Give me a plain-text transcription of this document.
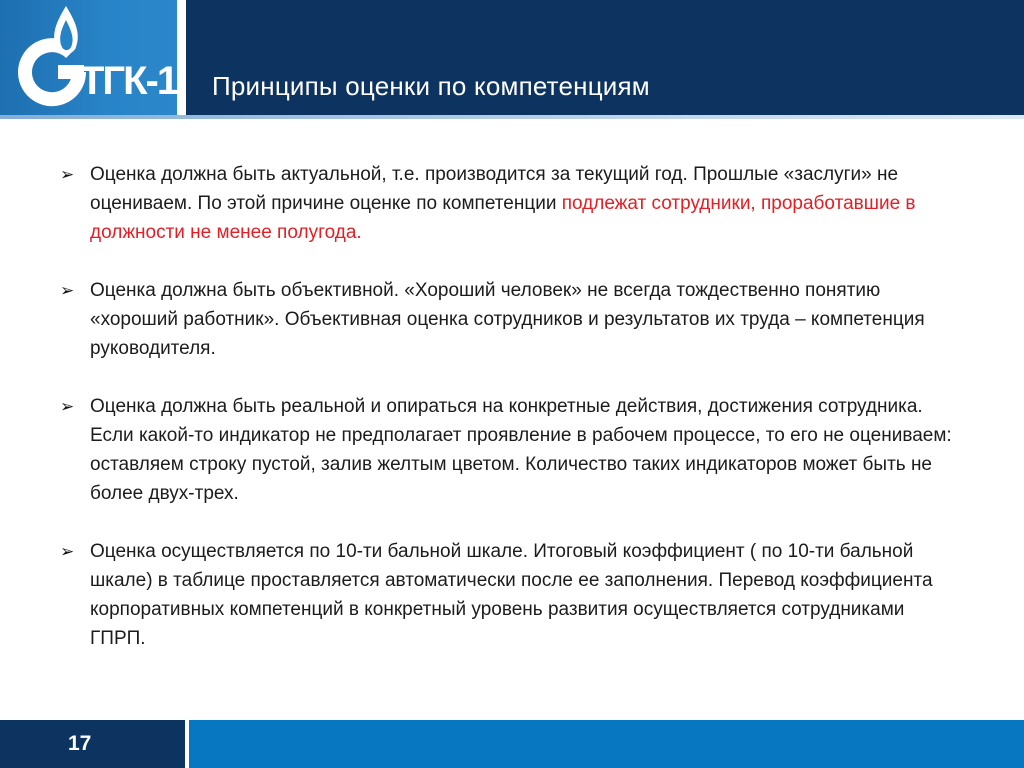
ТГК-1 Принципы оценки по компетенциям
➢ Оценка должна быть актуальной, т.е. производится за текущий год. Прошлые «заслуги» не оцениваем. По этой причине оценке по компетенции подлежат сотрудники, проработавшие в должности не менее полугода.
➢ Оценка должна быть объективной. «Хороший человек» не всегда тождественно понятию «хороший работник». Объективная оценка сотрудников и результатов их труда – компетенция руководителя.
➢ Оценка должна быть реальной и опираться на конкретные действия, достижения сотрудника. Если какой-то индикатор не предполагает проявление в рабочем процессе, то его не оцениваем: оставляем строку пустой, залив желтым цветом. Количество таких индикаторов может быть не более двух-трех.
➢ Оценка осуществляется по 10-ти бальной шкале. Итоговый коэффициент ( по 10-ти бальной шкале) в таблице проставляется автоматически после ее заполнения. Перевод коэффициента корпоративных компетенций в конкретный уровень развития осуществляется сотрудниками ГПРП.
17
